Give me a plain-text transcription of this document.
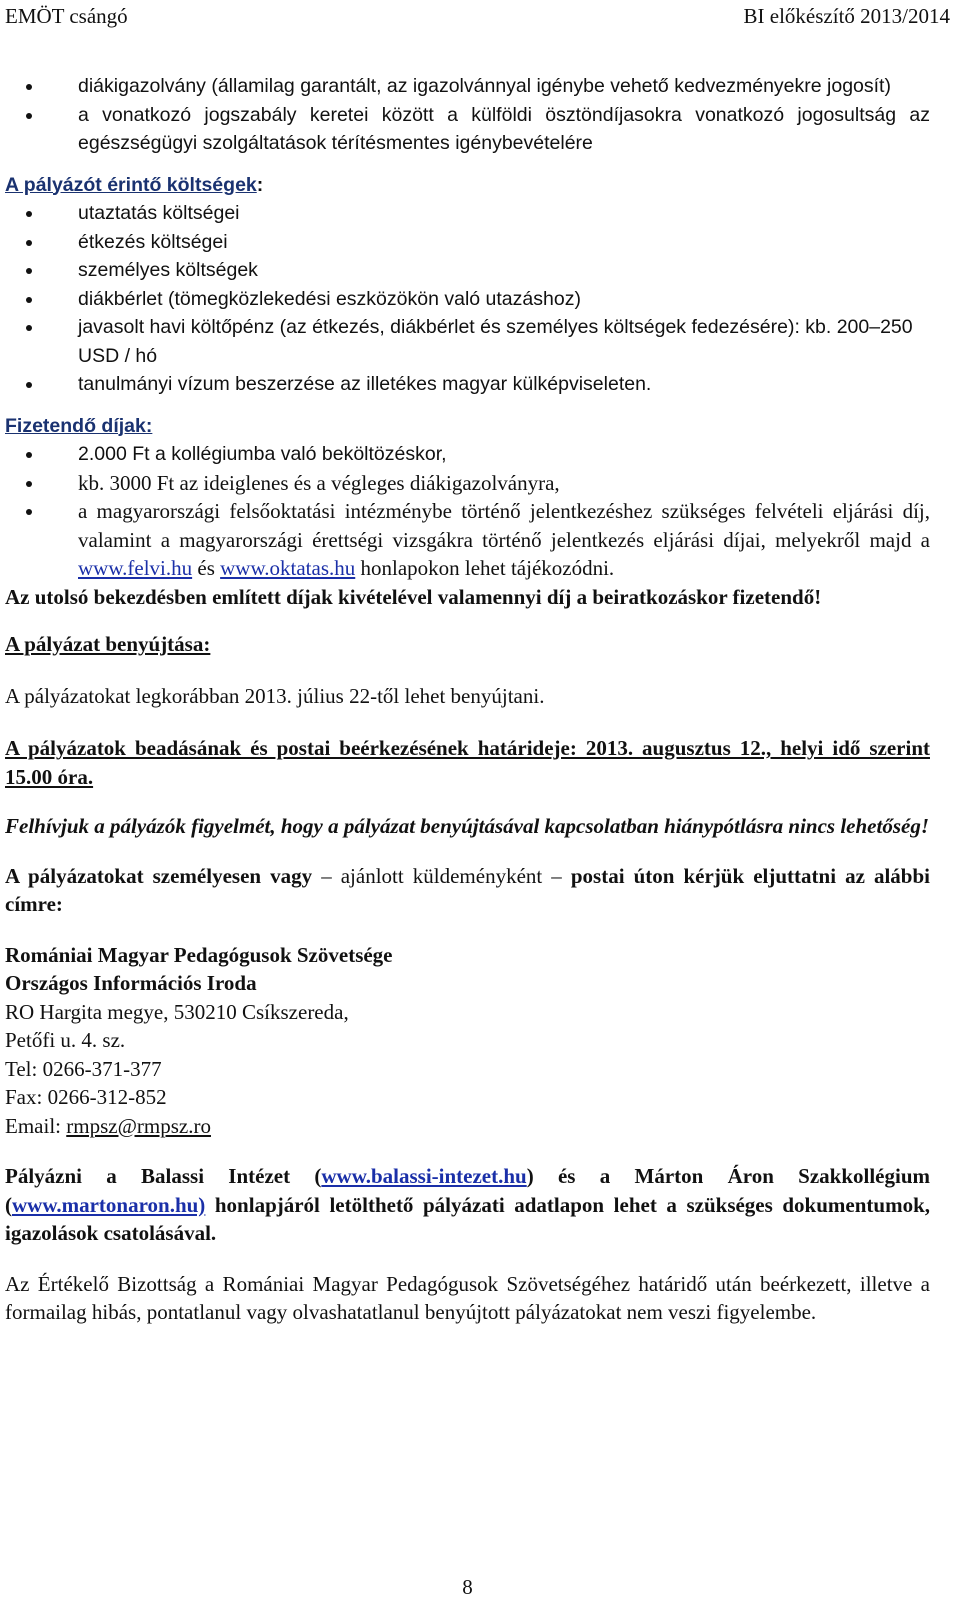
EMÖT csángó	BI előkészítő 2013/2014
diákigazolvány (államilag garantált, az igazolvánnyal igénybe vehető kedvezményekre jogosít)
a vonatkozó jogszabály keretei között a külföldi ösztöndíjasokra vonatkozó jogosultság az egészségügyi szolgáltatások térítésmentes igénybevételére
A pályázót érintő költségek:
utaztatás költségei
étkezés költségei
személyes költségek
diákbérlet (tömegközlekedési eszközökön való utazáshoz)
javasolt havi költőpénz (az étkezés, diákbérlet és személyes költségek fedezésére): kb. 200–250 USD / hó
tanulmányi vízum beszerzése az illetékes magyar külképviseleten.
Fizetendő díjak:
2.000 Ft a kollégiumba való beköltözéskor,
kb. 3000 Ft az ideiglenes és a végleges diákigazolványra,
a magyarországi felsőoktatási intézménybe történő jelentkezéshez szükséges felvételi eljárási díj, valamint a magyarországi érettségi vizsgákra történő jelentkezés eljárási díjai, melyekről majd a www.felvi.hu és www.oktatas.hu honlapokon lehet tájékozódni.

Az utolsó bekezdésben említett díjak kivételével valamennyi díj a beiratkozáskor fizetendő!

A pályázat benyújtása:

A pályázatokat legkorábban 2013. július 22-től lehet benyújtani.

A pályázatok beadásának és postai beérkezésének határideje: 2013. augusztus 12., helyi idő szerint 15.00 óra.

Felhívjuk a pályázók figyelmét, hogy a pályázat benyújtásával kapcsolatban hiánypótlásra nincs lehetőség!

A pályázatokat személyesen vagy – ajánlott küldeményként – postai úton kérjük eljuttatni az alábbi címre:

Romániai Magyar Pedagógusok Szövetsége
Országos Információs Iroda
RO Hargita megye, 530210 Csíkszereda,
Petőfi u. 4. sz.
Tel: 0266-371-377
Fax: 0266-312-852
Email: rmpsz@rmpsz.ro

Pályázni a Balassi Intézet (www.balassi-intezet.hu) és a Márton Áron Szakkollégium (www.martonaron.hu) honlapjáról letölthető pályázati adatlapon lehet a szükséges dokumentumok, igazolások csatolásával.

Az Értékelő Bizottság a Romániai Magyar Pedagógusok Szövetségéhez határidő után beérkezett, illetve a formailag hibás, pontatlanul vagy olvashatatlanul benyújtott pályázatokat nem veszi figyelembe.

8
